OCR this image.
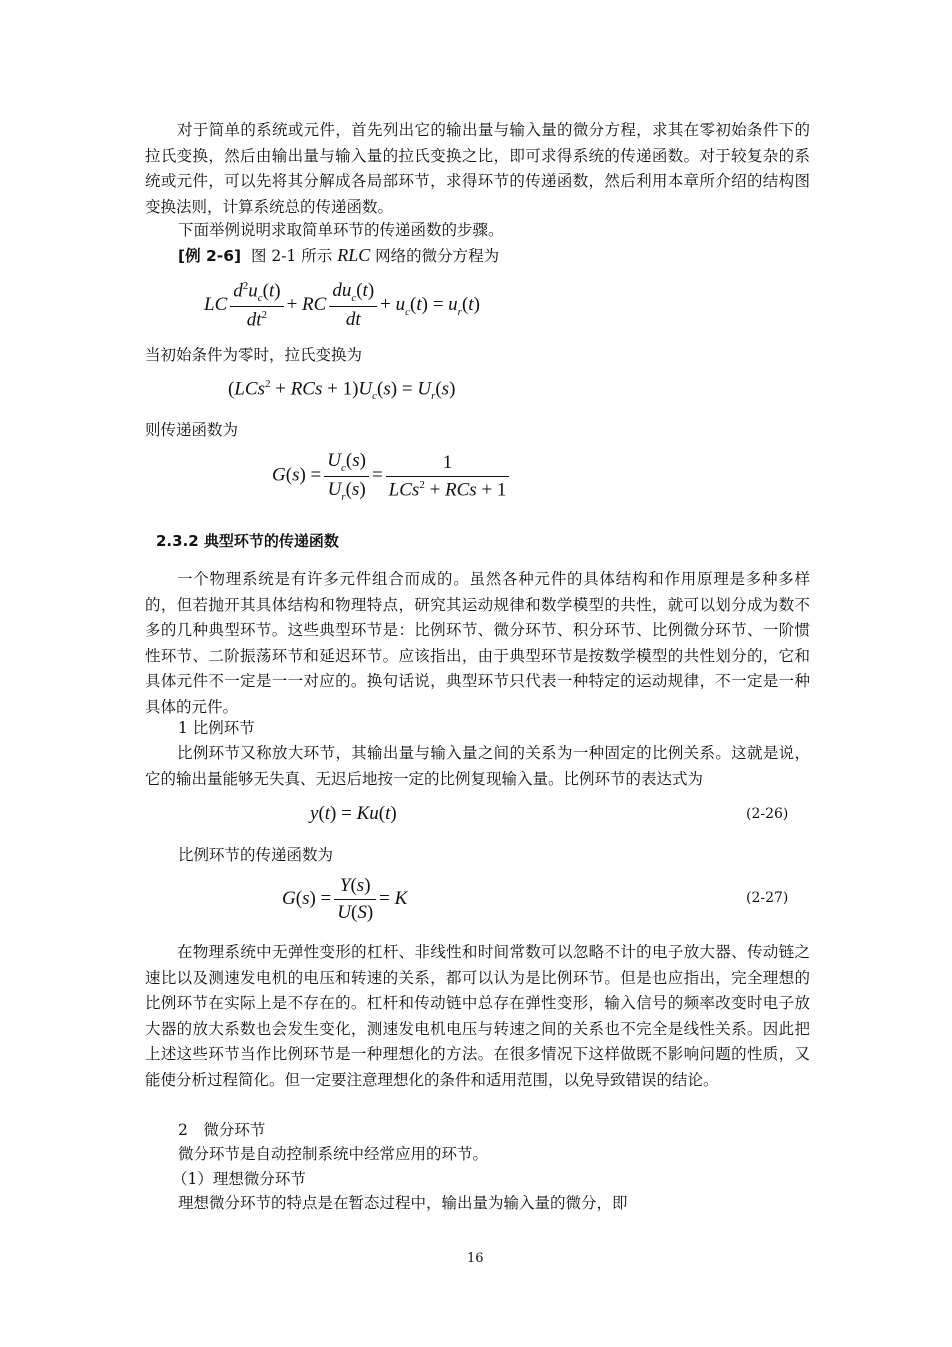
对于简单的系统或元件，首先列出它的输出量与输入量的微分方程，求其在零初始条件下的拉氏变换，然后由输出量与输入量的拉氏变换之比，即可求得系统的传递函数。对于较复杂的系统或元件，可以先将其分解成各局部环节，求得环节的传递函数，然后利用本章所介绍的结构图变换法则，计算系统总的传递函数。

下面举例说明求取简单环节的传递函数的步骤。

[例 2-6] 图 2-1 所示 RLC 网络的微分方程为

LC $\frac{d^2u_c(t)}{dt^2}$ + RC $\frac{du_c(t)}{dt} + u_c(t) = u_r(t)$

当初始条件为零时，拉氏变换为

(LCs$^2$ + RCs + $1)U_c(s) = U_r(s)$

则传递函数为

$G(s) = \frac{U_c(s)}{U_r(s)} = \frac{1}{LCs^2 + RCs + 1}$
2.3.2 典型环节的传递函数

一个物理系统是有许多元件组合而成的。虽然各种元件的具体结构和作用原理是多种多样的，但若抛开其具体结构和物理特点，研究其运动规律和数学模型的共性，就可以划分成为数不多的几种典型环节。这些典型环节是：比例环节、微分环节、积分环节、比例微分环节、一阶惯性环节、二阶振荡环节和延迟环节。应该指出，由于典型环节是按数学模型的共性划分的，它和具体元件不一定是一一对应的。换句话说，典型环节只代表一种特定的运动规律，不一定是一种具体的元件。

1 比例环节

比例环节又称放大环节，其输出量与输入量之间的关系为一种固定的比例关系。这就是说，它的输出量能够无失真、无迟后地按一定的比例复现输入量。比例环节的表达式为

y(t) = Ku(t)	(2-26)

比例环节的传递函数为

$G(s) = \frac{Y(s)}{U(S)} = K$	(2-27)

在物理系统中无弹性变形的杠杆、非线性和时间常数可以忽略不计的电子放大器、传动链之速比以及测速发电机的电压和转速的关系，都可以认为是比例环节。但是也应指出，完全理想的比例环节在实际上是不存在的。杠杆和传动链中总存在弹性变形，输入信号的频率改变时电子放大器的放大系数也会发生变化，测速发电机电压与转速之间的关系也不完全是线性关系。因此把上述这些环节当作比例环节是一种理想化的方法。在很多情况下这样做既不影响问题的性质，又能使分析过程简化。但一定要注意理想化的条件和适用范围，以免导致错误的结论。

2　微分环节

微分环节是自动控制系统中经常应用的环节。

（1）理想微分环节

理想微分环节的特点是在暂态过程中，输出量为输入量的微分，即

16
